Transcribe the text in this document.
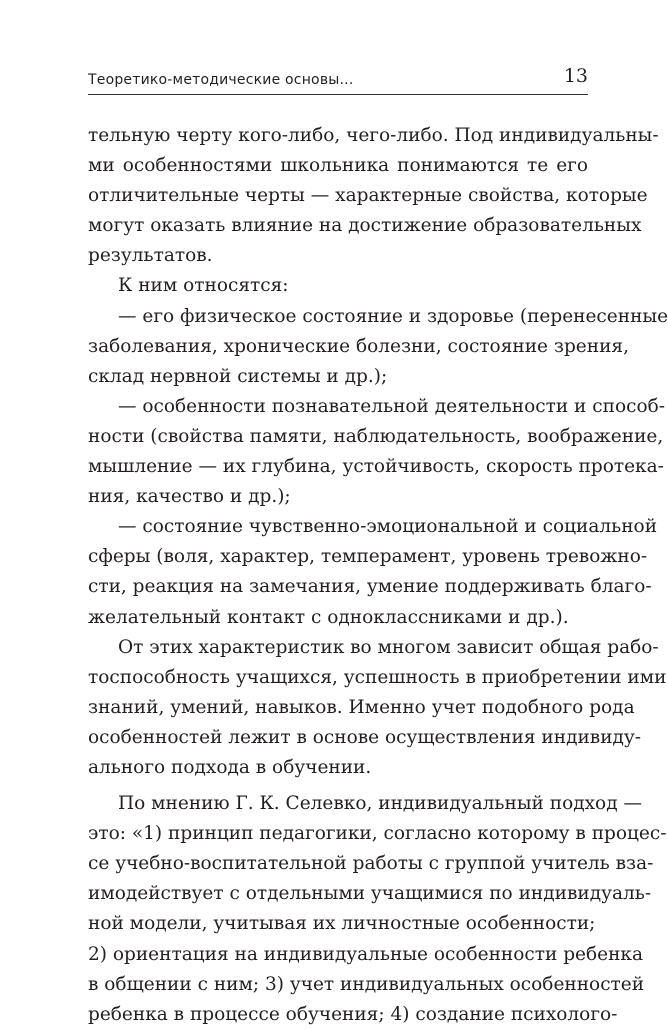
Теоретико-методические основы...	13
тельную черту кого-либо, чего-либо. Под индивидуальны-
ми особенностями школьника понимаются те его
отличительные черты — характерные свойства, которые
могут оказать влияние на достижение образовательных
результатов.
К ним относятся:
— его физическое состояние и здоровье (перенесенные
заболевания, хронические болезни, состояние зрения,
склад нервной системы и др.);
— особенности познавательной деятельности и способ-
ности (свойства памяти, наблюдательность, воображение,
мышление — их глубина, устойчивость, скорость протека-
ния, качество и др.);
— состояние чувственно-эмоциональной и социальной
сферы (воля, характер, темперамент, уровень тревожно-
сти, реакция на замечания, умение поддерживать благо-
желательный контакт с одноклассниками и др.).
От этих характеристик во многом зависит общая рабо-
тоспособность учащихся, успешность в приобретении ими
знаний, умений, навыков. Именно учет подобного рода
особенностей лежит в основе осуществления индивиду-
ального подхода в обучении.
По мнению Г. К. Селевко, индивидуальный подход —
это: «1) принцип педагогики, согласно которому в процес-
се учебно-воспитательной работы с группой учитель вза-
имодействует с отдельными учащимися по индивидуаль-
ной модели, учитывая их личностные особенности;
2) ориентация на индивидуальные особенности ребенка
в общении с ним; 3) учет индивидуальных особенностей
ребенка в процессе обучения; 4) создание психолого-
